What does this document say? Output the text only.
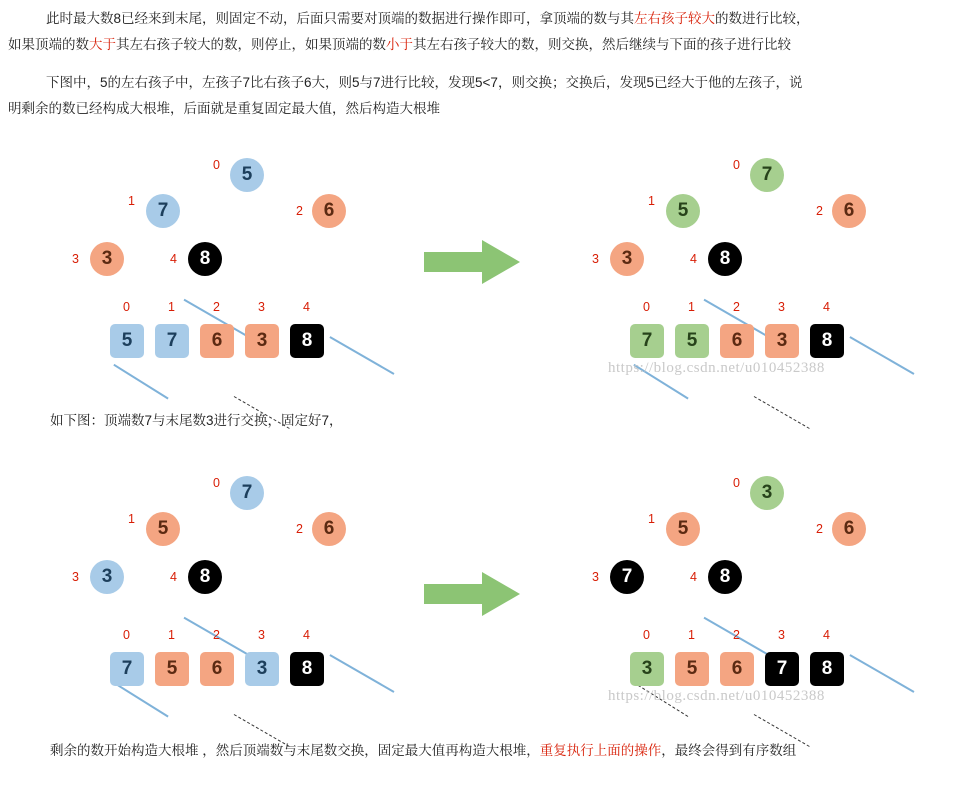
此时最大数8已经来到末尾，则固定不动，后面只需要对顶端的数据进行操作即可，拿顶端的数与其左右孩子较大的数进行比较，
如果顶端的数大于其左右孩子较大的数，则停止，如果顶端的数小于其左右孩子较大的数，则交换，然后继续与下面的孩子进行比较
下图中，5的左右孩子中，左孩子7比右孩子6大，则5与7进行比较，发现5<7，则交换；交换后，发现5已经大于他的左孩子，说
明剩余的数已经构成大根堆，后面就是重复固定最大值，然后构造大根堆
5
7	6
3	8
0
1
2
3	4
0	1	2	3	4
5	7	6	3	8
7
5	6
3	8
0
1
2
3	4
0	1	2	3	4
7	5	6	3	8
https://blog.csdn.net/u010452388
如下图：顶端数7与末尾数3进行交换，固定好7，
7
5	6
3	8
0
1
2
3	4
0	1	2	3	4
7	5	6	3	8
3
5	6
7	8
0
1
2
3	4
0	1	2	3	4
3	5	6	7	8
https://blog.csdn.net/u010452388
剩余的数开始构造大根堆 ，然后顶端数与末尾数交换，固定最大值再构造大根堆，重复执行上面的操作，最终会得到有序数组
